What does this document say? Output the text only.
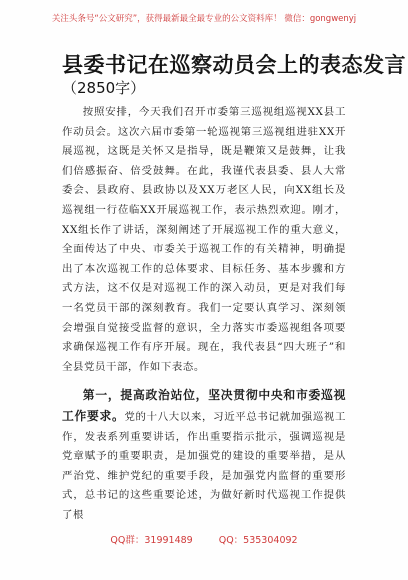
关注头条号“公文研究”，获得最新最全最专业的公文资料库！ 微信：gongwenyj
县委书记在巡察动员会上的表态发言
（2850字）

按照安排，今天我们召开市委第三巡视组巡视XX县工作动员会。这次六届市委第一轮巡视第三巡视组进驻XX开展巡视，这既是关怀又是指导，既是鞭策又是鼓舞，让我们倍感振奋、倍受鼓舞。在此，我谨代表县委、县人大常委会、县政府、县政协以及XX万老区人民，向XX组长及巡视组一行莅临XX开展巡视工作，表示热烈欢迎。刚才，XX组长作了讲话，深刻阐述了开展巡视工作的重大意义，全面传达了中央、市委关于巡视工作的有关精神，明确提出了本次巡视工作的总体要求、目标任务、基本步骤和方式方法，这不仅是对巡视工作的深入动员，更是对我们每一名党员干部的深刻教育。我们一定要认真学习、深刻领会增强自觉接受监督的意识，全力落实市委巡视组各项要求确保巡视工作有序开展。现在，我代表县“四大班子”和全县党员干部，作如下表态。

第一，提高政治站位，坚决贯彻中央和市委巡视工作要求。党的十八大以来，习近平总书记就加强巡视工作，发表系列重要讲话，作出重要指示批示，强调巡视是党章赋予的重要职责，是加强党的建设的重要举措，是从严治党、维护党纪的重要手段，是加强党内监督的重要形式，总书记的这些重要论述，为做好新时代巡视工作提供了根

QQ群：31991489	QQ：535304092
